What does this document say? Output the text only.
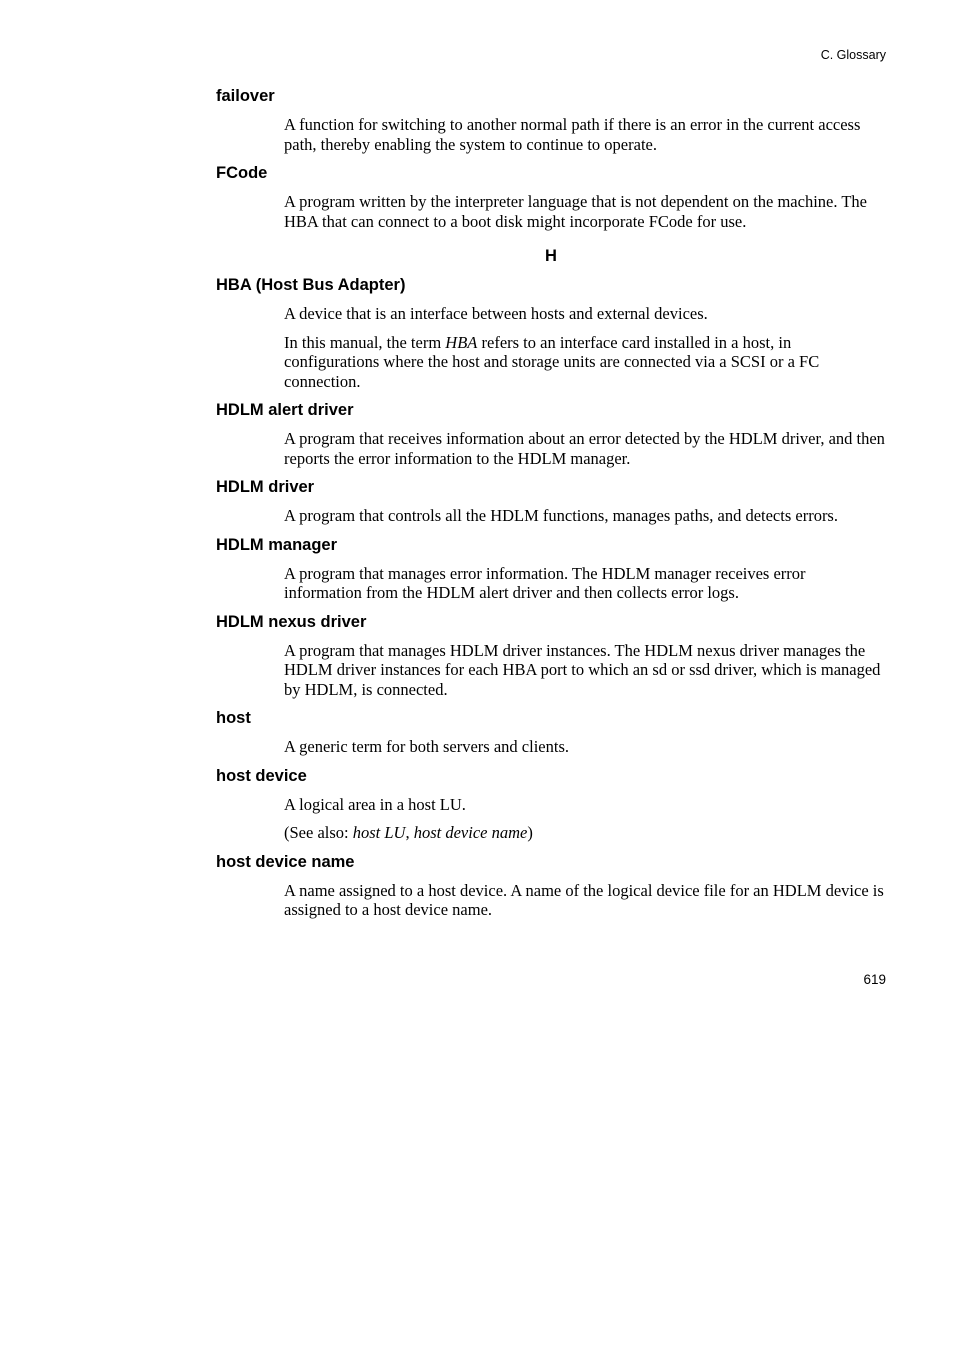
C. Glossary
failover

A function for switching to another normal path if there is an error in the current access path, thereby enabling the system to continue to operate.

FCode

A program written by the interpreter language that is not dependent on the machine. The HBA that can connect to a boot disk might incorporate FCode for use.

H
HBA (Host Bus Adapter)

A device that is an interface between hosts and external devices.

In this manual, the term HBA refers to an interface card installed in a host, in configurations where the host and storage units are connected via a SCSI or a FC connection.

HDLM alert driver

A program that receives information about an error detected by the HDLM driver, and then reports the error information to the HDLM manager.

HDLM driver

A program that controls all the HDLM functions, manages paths, and detects errors.

HDLM manager

A program that manages error information. The HDLM manager receives error information from the HDLM alert driver and then collects error logs.

HDLM nexus driver

A program that manages HDLM driver instances. The HDLM nexus driver manages the HDLM driver instances for each HBA port to which an sd or ssd driver, which is managed by HDLM, is connected.

host

A generic term for both servers and clients.

host device

A logical area in a host LU.

(See also: host LU, host device name)

host device name

A name assigned to a host device. A name of the logical device file for an HDLM device is assigned to a host device name.

619
